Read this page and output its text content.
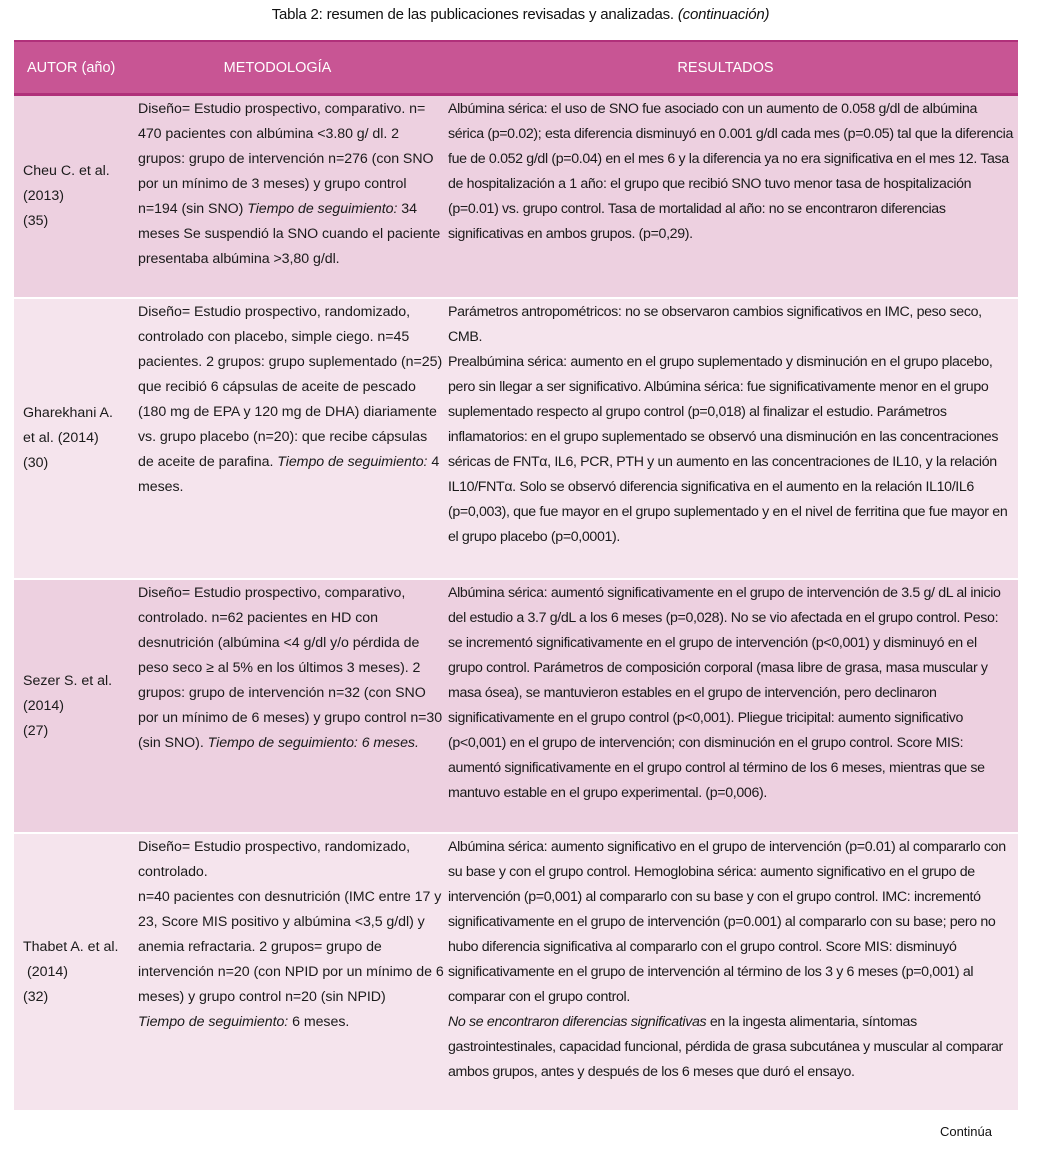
Tabla 2: resumen de las publicaciones revisadas y analizadas. (continuación)
AUTOR (año)	METODOLOGÍA	RESULTADOS
Cheu C. et al.
(2013)
(35)
Diseño= Estudio prospectivo, comparativo. n= 470 pacientes con albúmina <3.80 g/ dl. 2 grupos: grupo de intervención n=276 (con SNO por un mínimo de 3 meses) y grupo control n=194 (sin SNO) Tiempo de seguimiento: 34 meses Se suspendió la SNO cuando el paciente presentaba albúmina >3,80 g/dl.
Albúmina sérica: el uso de SNO fue asociado con un aumento de 0.058 g/dl de albúmina sérica (p=0.02); esta diferencia disminuyó en 0.001 g/dl cada mes (p=0.05) tal que la diferencia fue de 0.052 g/dl (p=0.04) en el mes 6 y la diferencia ya no era significativa en el mes 12. Tasa de hospitalización a 1 año: el grupo que recibió SNO tuvo menor tasa de hospitalización (p=0.01) vs. grupo control. Tasa de mortalidad al año: no se encontraron diferencias significativas en ambos grupos. (p=0,29).
Gharekhani A.
et al. (2014)
(30)
Diseño= Estudio prospectivo, randomizado, controlado con placebo, simple ciego. n=45 pacientes. 2 grupos: grupo suplementado (n=25) que recibió 6 cápsulas de aceite de pescado (180 mg de EPA y 120 mg de DHA) diariamente vs. grupo placebo (n=20): que recibe cápsulas de aceite de parafina. Tiempo de seguimiento: 4 meses.
Parámetros antropométricos: no se observaron cambios significativos en IMC, peso seco, CMB.
Prealbúmina sérica: aumento en el grupo suplementado y disminución en el grupo placebo, pero sin llegar a ser significativo. Albúmina sérica: fue significativamente menor en el grupo suplementado respecto al grupo control (p=0,018) al finalizar el estudio. Parámetros inflamatorios: en el grupo suplementado se observó una disminución en las concentraciones séricas de FNTα, IL6, PCR, PTH y un aumento en las concentraciones de IL10, y la relación IL10/FNTα. Solo se observó diferencia significativa en el aumento en la relación IL10/IL6 (p=0,003), que fue mayor en el grupo suplementado y en el nivel de ferritina que fue mayor en el grupo placebo (p=0,0001).
Sezer S. et al.
(2014)
(27)
Diseño= Estudio prospectivo, comparativo, controlado. n=62 pacientes en HD con desnutrición (albúmina <4 g/dl y/o pérdida de peso seco ≥ al 5% en los últimos 3 meses). 2 grupos: grupo de intervención n=32 (con SNO por un mínimo de 6 meses) y grupo control n=30 (sin SNO). Tiempo de seguimiento: 6 meses.
Albúmina sérica: aumentó significativamente en el grupo de intervención de 3.5 g/ dL al inicio del estudio a 3.7 g/dL a los 6 meses (p=0,028). No se vio afectada en el grupo control. Peso: se incrementó significativamente en el grupo de intervención (p<0,001) y disminuyó en el grupo control. Parámetros de composición corporal (masa libre de grasa, masa muscular y masa ósea), se mantuvieron estables en el grupo de intervención, pero declinaron significativamente en el grupo control (p<0,001). Pliegue tricipital: aumento significativo (p<0,001) en el grupo de intervención; con disminución en el grupo control. Score MIS: aumentó significativamente en el grupo control al término de los 6 meses, mientras que se mantuvo estable en el grupo experimental. (p=0,006).
Thabet A. et al.
(2014)
(32)
Diseño= Estudio prospectivo, randomizado, controlado.
n=40 pacientes con desnutrición (IMC entre 17 y 23, Score MIS positivo y albúmina <3,5 g/dl) y anemia refractaria. 2 grupos= grupo de intervención n=20 (con NPID por un mínimo de 6 meses) y grupo control n=20 (sin NPID)
Tiempo de seguimiento: 6 meses.
Albúmina sérica: aumento significativo en el grupo de intervención (p=0.01) al compararlo con su base y con el grupo control. Hemoglobina sérica: aumento significativo en el grupo de intervención (p=0,001) al compararlo con su base y con el grupo control. IMC: incrementó significativamente en el grupo de intervención (p=0.001) al compararlo con su base; pero no hubo diferencia significativa al compararlo con el grupo control. Score MIS: disminuyó significativamente en el grupo de intervención al término de los 3 y 6 meses (p=0,001) al comparar con el grupo control.
No se encontraron diferencias significativas en la ingesta alimentaria, síntomas gastrointestinales, capacidad funcional, pérdida de grasa subcutánea y muscular al comparar ambos grupos, antes y después de los 6 meses que duró el ensayo.
Continúa
